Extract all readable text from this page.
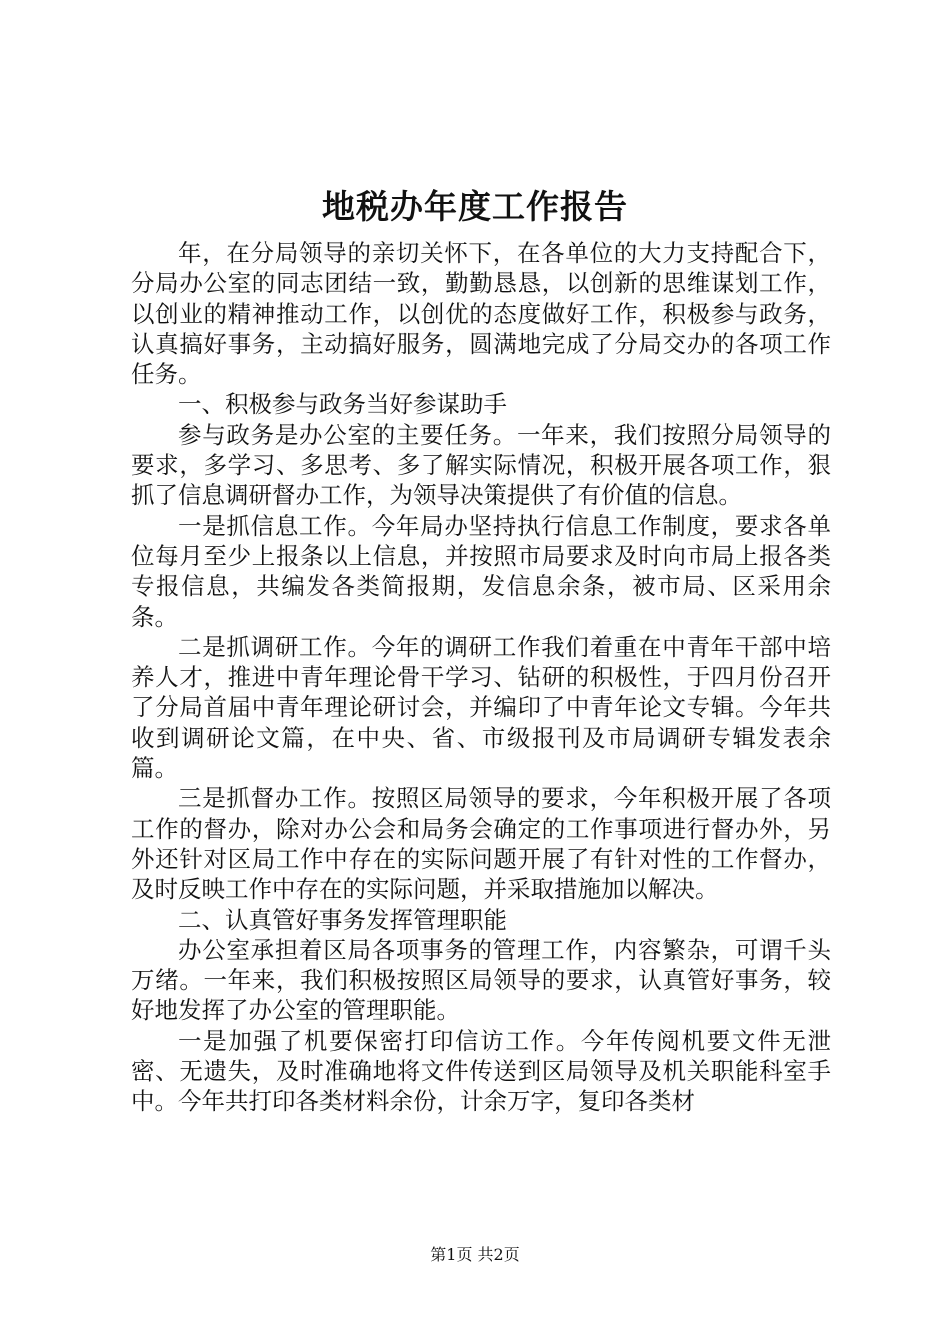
地税办年度工作报告

年，在分局领导的亲切关怀下，在各单位的大力支持配合下，分局办公室的同志团结一致，勤勤恳恳，以创新的思维谋划工作，以创业的精神推动工作，以创优的态度做好工作，积极参与政务，认真搞好事务，主动搞好服务，圆满地完成了分局交办的各项工作任务。

一、积极参与政务当好参谋助手

参与政务是办公室的主要任务。一年来，我们按照分局领导的要求，多学习、多思考、多了解实际情况，积极开展各项工作，狠抓了信息调研督办工作，为领导决策提供了有价值的信息。

一是抓信息工作。今年局办坚持执行信息工作制度，要求各单位每月至少上报条以上信息，并按照市局要求及时向市局上报各类专报信息，共编发各类简报期，发信息余条，被市局、区采用余条。

二是抓调研工作。今年的调研工作我们着重在中青年干部中培养人才，推进中青年理论骨干学习、钻研的积极性，于四月份召开了分局首届中青年理论研讨会，并编印了中青年论文专辑。今年共收到调研论文篇，在中央、省、市级报刊及市局调研专辑发表余篇。

三是抓督办工作。按照区局领导的要求，今年积极开展了各项工作的督办，除对办公会和局务会确定的工作事项进行督办外，另外还针对区局工作中存在的实际问题开展了有针对性的工作督办，及时反映工作中存在的实际问题，并采取措施加以解决。

二、认真管好事务发挥管理职能

办公室承担着区局各项事务的管理工作，内容繁杂，可谓千头万绪。一年来，我们积极按照区局领导的要求，认真管好事务，较好地发挥了办公室的管理职能。

一是加强了机要保密打印信访工作。今年传阅机要文件无泄密、无遗失，及时准确地将文件传送到区局领导及机关职能科室手中。今年共打印各类材料余份，计余万字，复印各类材

第1页 共2页
